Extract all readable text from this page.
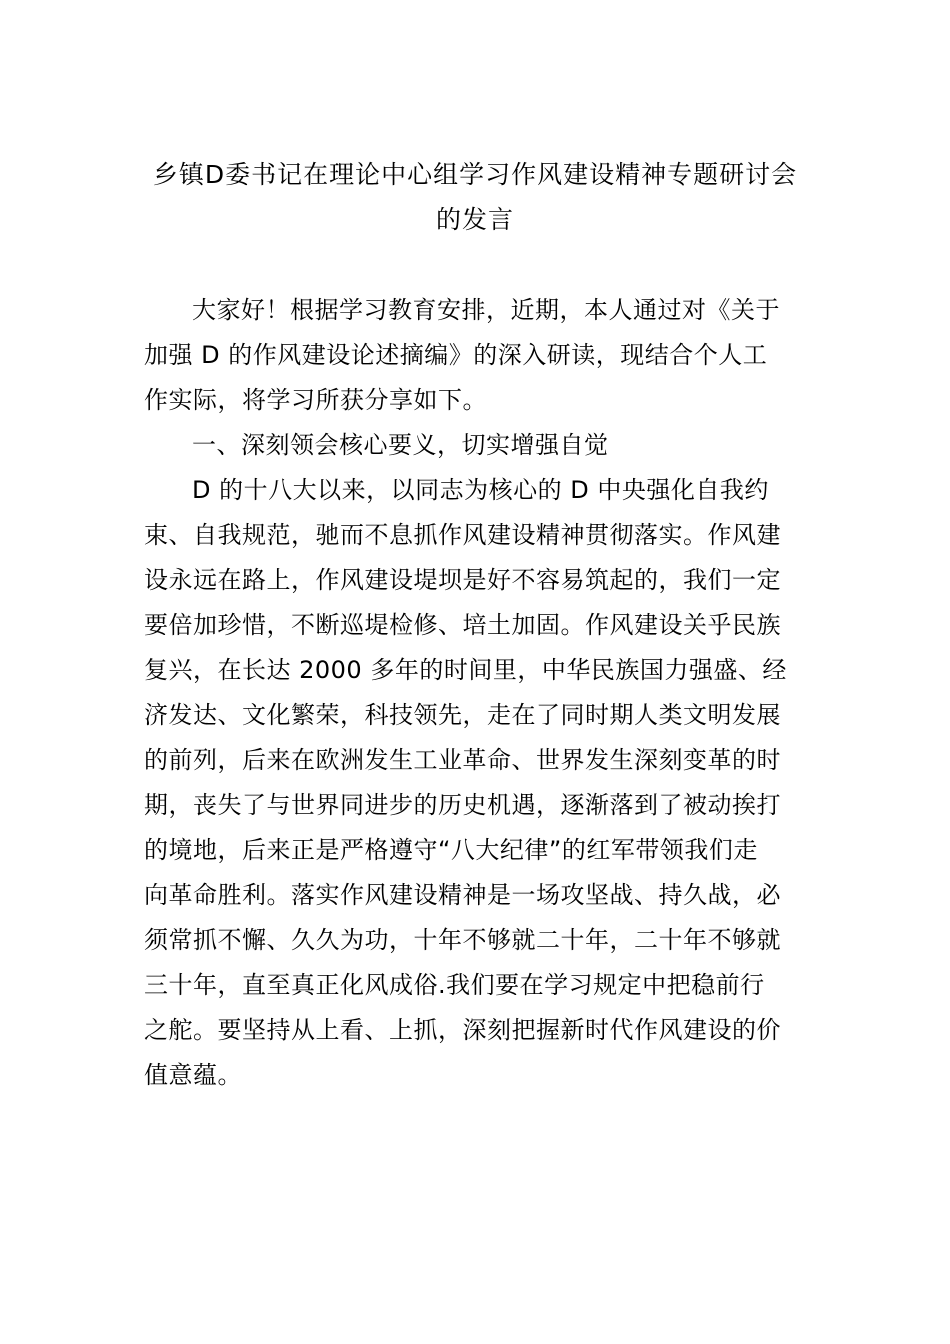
乡镇D委书记在理论中心组学习作风建设精神专题研讨会
的发言

大家好！根据学习教育安排，近期，本人通过对《关于
加强 D 的作风建设论述摘编》的深入研读，现结合个人工
作实际，将学习所获分享如下。

一、深刻领会核心要义，切实增强自觉

D 的十八大以来，以同志为核心的 D 中央强化自我约
束、自我规范，驰而不息抓作风建设精神贯彻落实。作风建
设永远在路上，作风建设堤坝是好不容易筑起的，我们一定
要倍加珍惜，不断巡堤检修、培土加固。作风建设关乎民族
复兴，在长达 2000 多年的时间里，中华民族国力强盛、经
济发达、文化繁荣，科技领先，走在了同时期人类文明发展
的前列，后来在欧洲发生工业革命、世界发生深刻变革的时
期，丧失了与世界同进步的历史机遇，逐渐落到了被动挨打
的境地，后来正是严格遵守“八大纪律”的红军带领我们走
向革命胜利。落实作风建设精神是一场攻坚战、持久战，必
须常抓不懈、久久为功，十年不够就二十年，二十年不够就
三十年，直至真正化风成俗.我们要在学习规定中把稳前行
之舵。要坚持从上看、上抓，深刻把握新时代作风建设的价
值意蕴。
